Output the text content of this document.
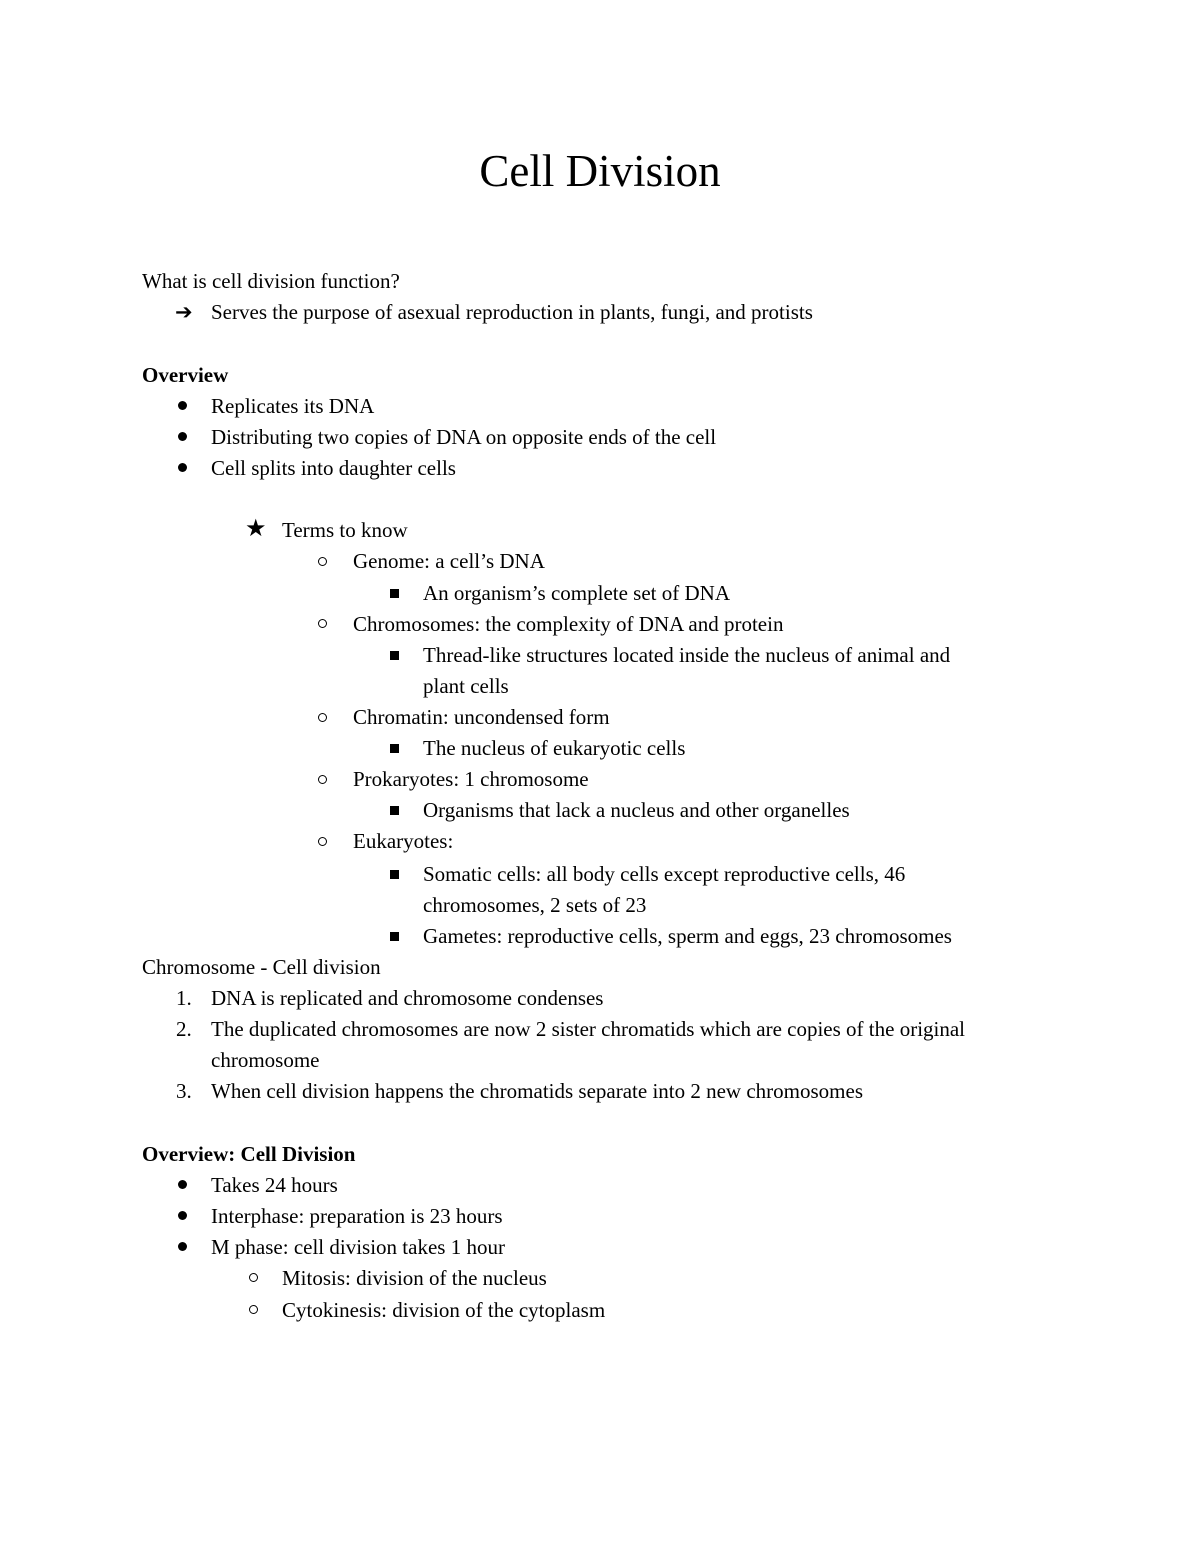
Cell Division
What is cell division function?
➔ Serves the purpose of asexual reproduction in plants, fungi, and protists
Overview
Replicates its DNA
Distributing two copies of DNA on opposite ends of the cell
Cell splits into daughter cells
★ Terms to know
Genome: a cell’s DNA
An organism’s complete set of DNA
Chromosomes: the complexity of DNA and protein
Thread-like structures located inside the nucleus of animal and
plant cells
Chromatin: uncondensed form
The nucleus of eukaryotic cells
Prokaryotes: 1 chromosome
Organisms that lack a nucleus and other organelles
Eukaryotes:
Somatic cells: all body cells except reproductive cells, 46
chromosomes, 2 sets of 23
Gametes: reproductive cells, sperm and eggs, 23 chromosomes
Chromosome - Cell division
1. DNA is replicated and chromosome condenses
2. The duplicated chromosomes are now 2 sister chromatids which are copies of the original
chromosome
3. When cell division happens the chromatids separate into 2 new chromosomes
Overview: Cell Division
Takes 24 hours
Interphase: preparation is 23 hours
M phase: cell division takes 1 hour
Mitosis: division of the nucleus
Cytokinesis: division of the cytoplasm
